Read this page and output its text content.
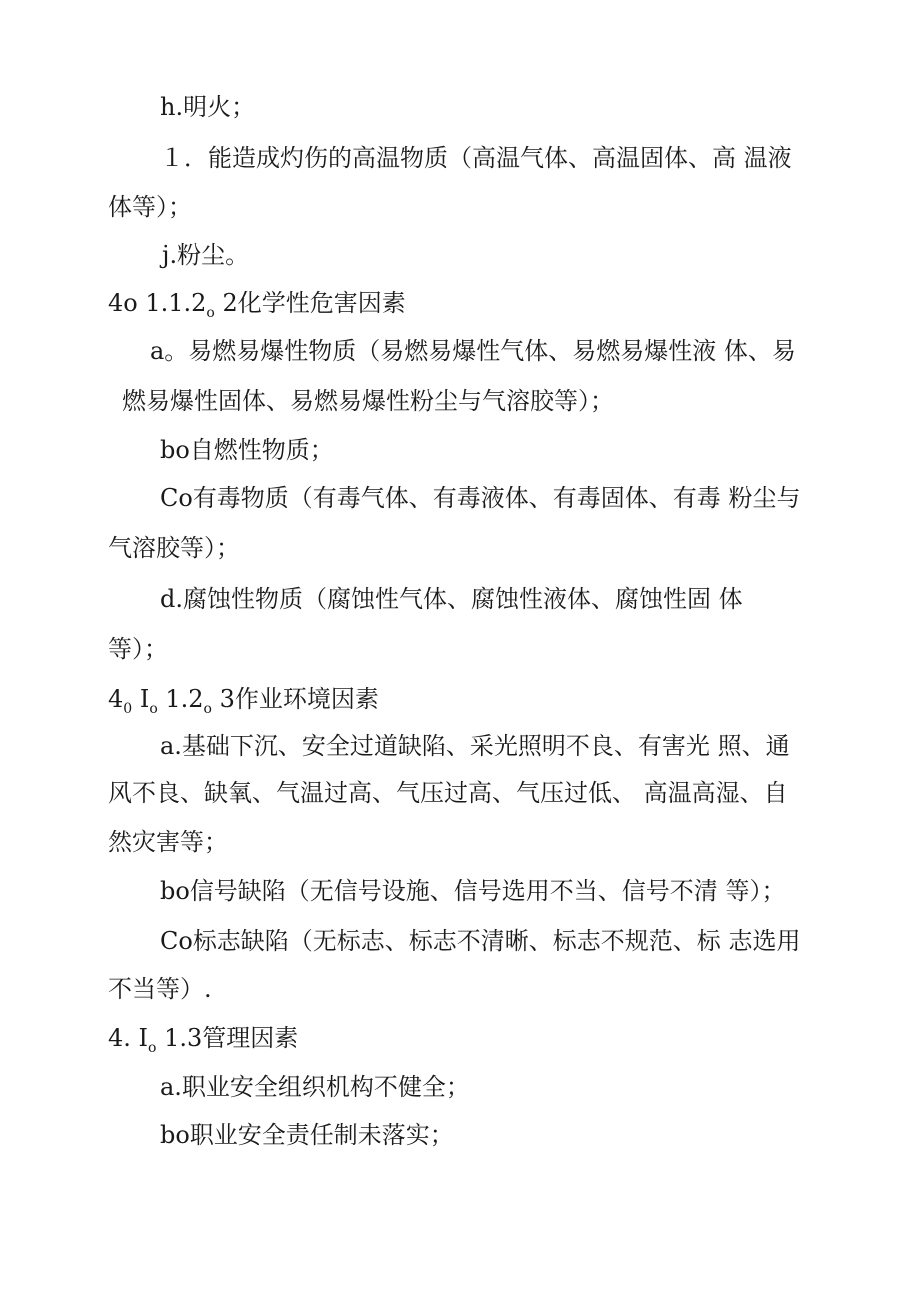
h.明火；
１．能造成灼伤的高温物质（高温气体、高温固体、高 温液
体等）；
j.粉尘。
4o $1.1.2_o$ 2化学性危害因素
a。易燃易爆性物质（易燃易爆性气体、易燃易爆性液 体、易
燃易爆性固体、易燃易爆性粉尘与气溶胶等）；
bo自燃性物质；
Co有毒物质（有毒气体、有毒液体、有毒固体、有毒 粉尘与
气溶胶等）；
d.腐蚀性物质（腐蚀性气体、腐蚀性液体、腐蚀性固 体
等）；
$4_0$ $I_o$ $1.2_o$ 3作业环境因素
a.基础下沉、安全过道缺陷、采光照明不良、有害光 照、通
风不良、缺氧、气温过高、气压过高、气压过低、 高温高湿、自
然灾害等；
bo信号缺陷（无信号设施、信号选用不当、信号不清 等）；
Co标志缺陷（无标志、标志不清晰、标志不规范、标 志选用
不当等）.
4. $I_o$ 1.3管理因素
a.职业安全组织机构不健全；
bo职业安全责任制未落实；
